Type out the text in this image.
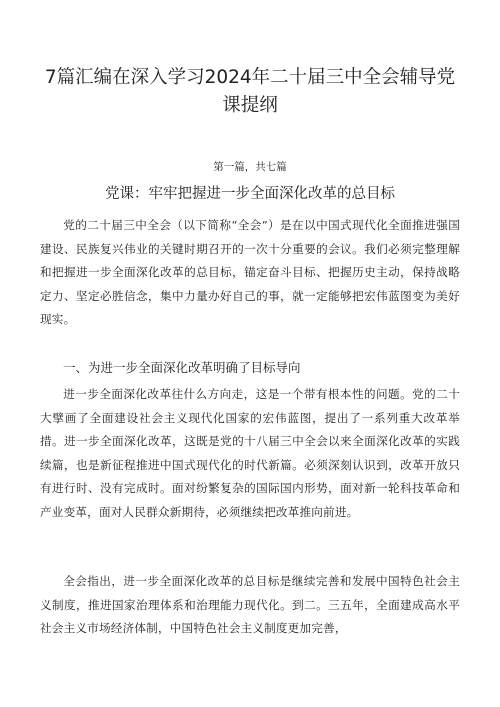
7篇汇编在深入学习2024年二十届三中全会辅导党课提纲
第一篇，共七篇
党课：牢牢把握进一步全面深化改革的总目标

党的二十届三中全会（以下简称“全会”）是在以中国式现代化全面推进强国建设、民族复兴伟业的关键时期召开的一次十分重要的会议。我们必须完整理解和把握进一步全面深化改革的总目标，锚定奋斗目标、把握历史主动，保持战略定力、坚定必胜信念，集中力量办好自己的事，就一定能够把宏伟蓝图变为美好现实。

一、为进一步全面深化改革明确了目标导向

进一步全面深化改革往什么方向走，这是一个带有根本性的问题。党的二十大擘画了全面建设社会主义现代化国家的宏伟蓝图，提出了一系列重大改革举措。进一步全面深化改革，这既是党的十八届三中全会以来全面深化改革的实践续篇，也是新征程推进中国式现代化的时代新篇。必须深刻认识到，改革开放只有进行时、没有完成时。面对纷繁复杂的国际国内形势，面对新一轮科技革命和产业变革，面对人民群众新期待，必须继续把改革推向前进。

全会指出，进一步全面深化改革的总目标是继续完善和发展中国特色社会主义制度，推进国家治理体系和治理能力现代化。到二。三五年，全面建成高水平社会主义市场经济体制，中国特色社会主义制度更加完善，
